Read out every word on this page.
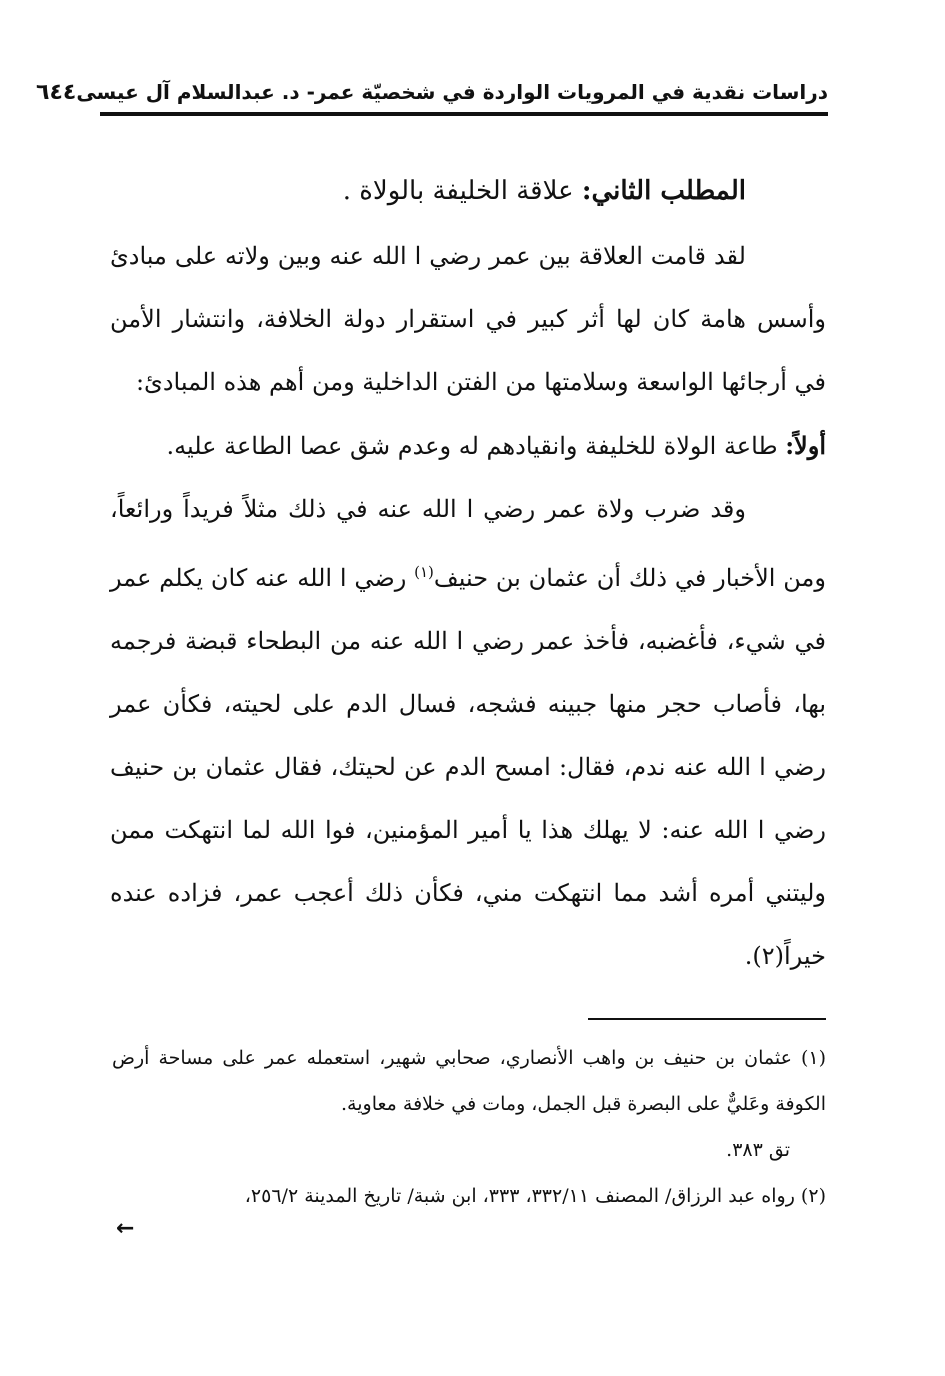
دراسات نقدية في المرويات الواردة في شخصيّة عمر- د. عبدالسلام آل عيسى
٦٤٤

المطلب الثاني: علاقة الخليفة بالولاة .

لقد قامت العلاقة بين عمر رضي ا الله عنه وبين ولاته على مبادئ وأسس هامة كان لها أثر كبير في استقرار دولة الخلافة، وانتشار الأمن في أرجائها الواسعة وسلامتها من الفتن الداخلية ومن أهم هذه المبادئ:

أولاً: طاعة الولاة للخليفة وانقيادهم له وعدم شق عصا الطاعة عليه.

وقد ضرب ولاة عمر رضي ا الله عنه في ذلك مثلاً فريداً ورائعاً، ومن الأخبار في ذلك أن عثمان بن حنيف$^{(١)}$ رضي ا الله عنه كان يكلم عمر في شيء، فأغضبه، فأخذ عمر رضي ا الله عنه من البطحاء قبضة فرجمه بها، فأصاب حجر منها جبينه فشجه، فسال الدم على لحيته، فكأن عمر رضي ا الله عنه ندم، فقال: امسح الدم عن لحيتك، فقال عثمان بن حنيف رضي ا الله عنه: لا يهلك هذا يا أمير المؤمنين، فوا الله لما انتهكت ممن وليتني أمره أشد مما انتهكت مني، فكأن ذلك أعجب عمر، فزاده عنده خيراً(٢).

(١) عثمان بن حنيف بن واهب الأنصاري، صحابي شهير، استعمله عمر على مساحة أرض الكوفة وعَليٌّ على البصرة قبل الجمل، ومات في خلافة معاوية.

تق ٣٨٣.

(٢) رواه عبد الرزاق/ المصنف ٣٣٢/١١، ٣٣٣، ابن شبة/ تاريخ المدينة ٢٥٦/٢،

←
